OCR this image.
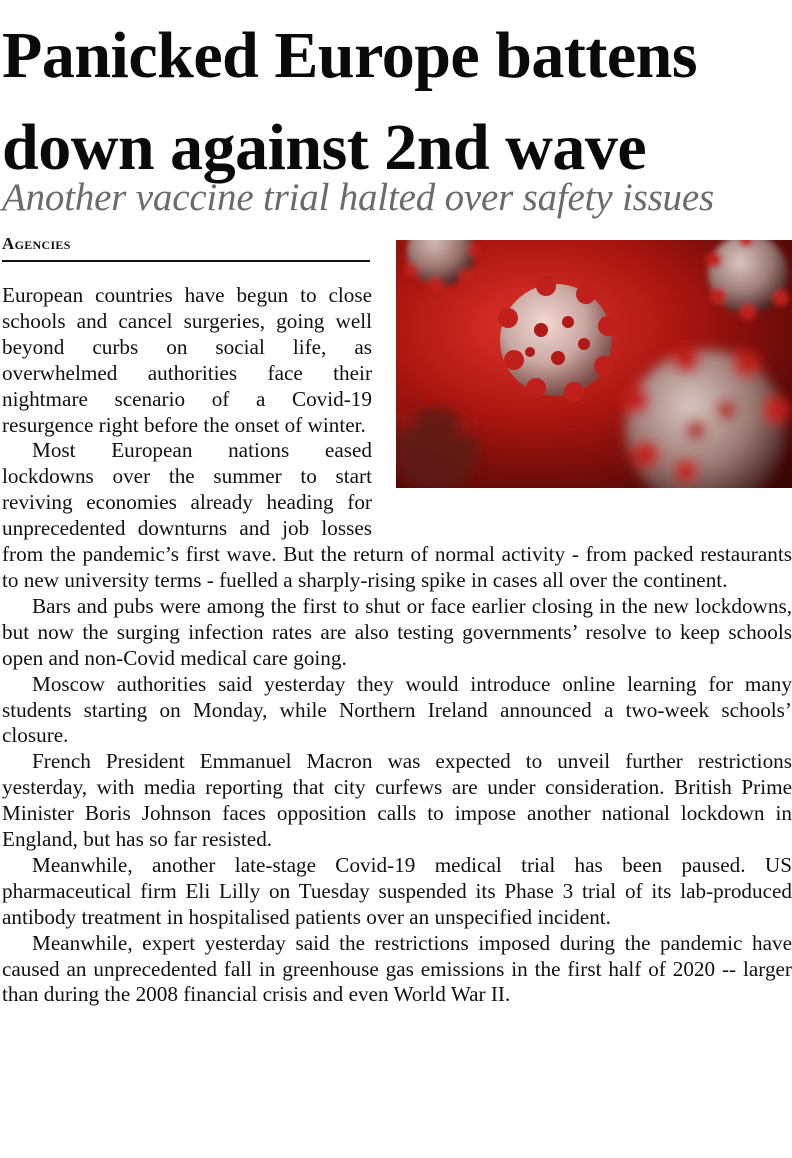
Panicked Europe battens down against 2nd wave
Another vaccine trial halted over safety issues
Agencies

European countries have begun to close schools and cancel surgeries, going well beyond curbs on social life, as overwhelmed authorities face their nightmare scenario of a Covid-19 resurgence right before the onset of winter.

Most European nations eased lockdowns over the summer to start reviving economies already heading for unprecedented downturns and job losses from the pandemic’s first wave. But the return of normal activity - from packed restaurants to new university terms - fuelled a sharply-rising spike in cases all over the continent.

Bars and pubs were among the first to shut or face earlier closing in the new lockdowns, but now the surging infection rates are also testing governments’ resolve to keep schools open and non-Covid medical care going.

Moscow authorities said yesterday they would introduce online learning for many students starting on Monday, while Northern Ireland announced a two-week schools’ closure.

French President Emmanuel Macron was expected to unveil further restrictions yesterday, with media reporting that city curfews are under consideration. British Prime Minister Boris Johnson faces opposition calls to impose another national lockdown in England, but has so far resisted.

Meanwhile, another late-stage Covid-19 medical trial has been paused. US pharmaceutical firm Eli Lilly on Tuesday suspended its Phase 3 trial of its lab-produced antibody treatment in hospitalised patients over an unspecified incident.

Meanwhile, expert yesterday said the restrictions imposed during the pandemic have caused an unprecedented fall in greenhouse gas emissions in the first half of 2020 -- larger than during the 2008 financial crisis and even World War II.
